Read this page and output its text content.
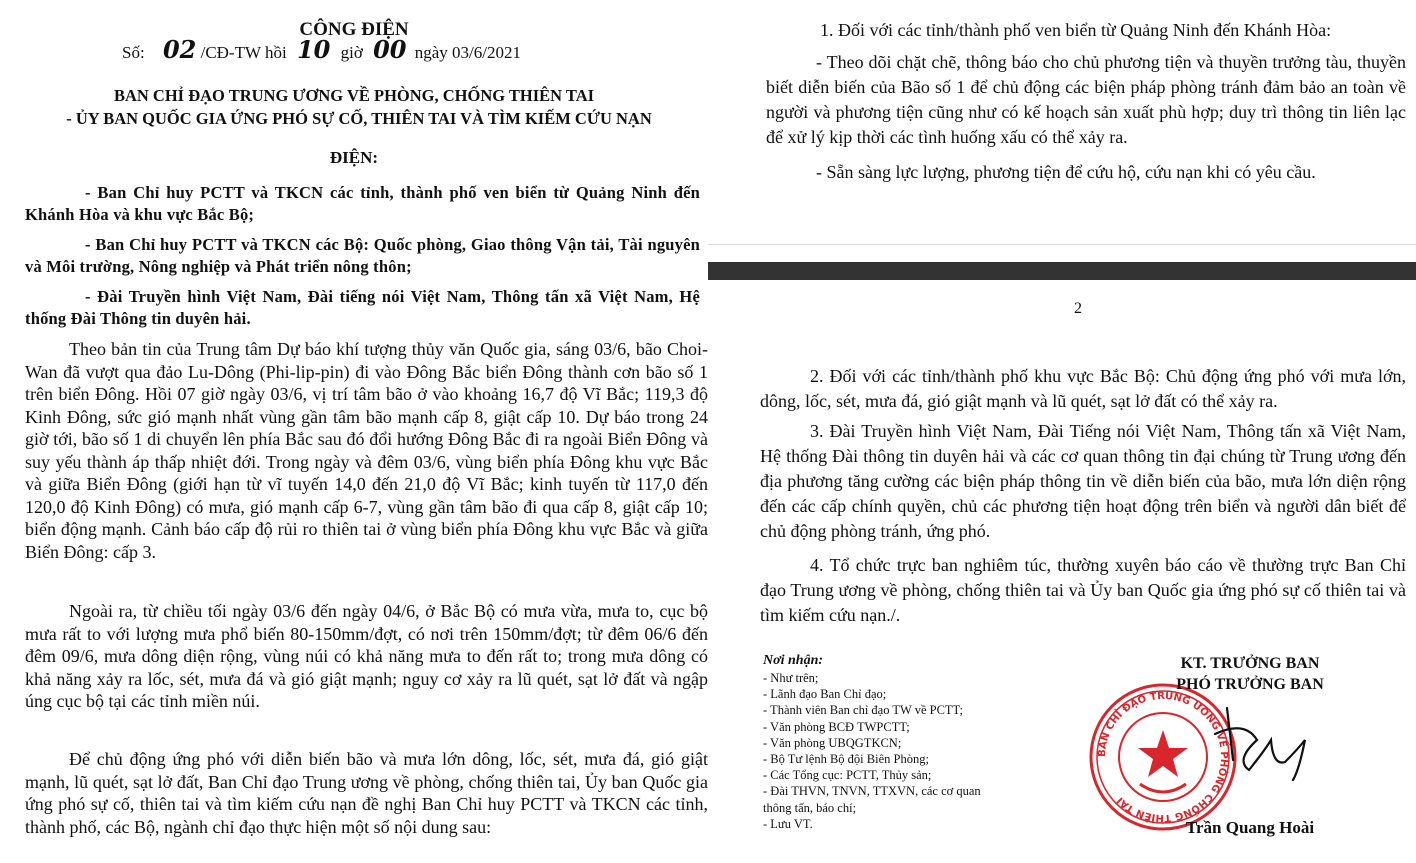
CÔNG ĐIỆN
Số: 02 /CĐ-TW hồi 10 giờ 00 ngày 03/6/2021
BAN CHỈ ĐẠO TRUNG ƯƠNG VỀ PHÒNG, CHỐNG THIÊN TAI
- ỦY BAN QUỐC GIA ỨNG PHÓ SỰ CỐ, THIÊN TAI VÀ TÌM KIẾM CỨU NẠN
ĐIỆN:
- Ban Chỉ huy PCTT và TKCN các tỉnh, thành phố ven biển từ Quảng Ninh đến Khánh Hòa và khu vực Bắc Bộ;
- Ban Chỉ huy PCTT và TKCN các Bộ: Quốc phòng, Giao thông Vận tải, Tài nguyên và Môi trường, Nông nghiệp và Phát triển nông thôn;
- Đài Truyền hình Việt Nam, Đài tiếng nói Việt Nam, Thông tấn xã Việt Nam, Hệ thống Đài Thông tin duyên hải.
Theo bản tin của Trung tâm Dự báo khí tượng thủy văn Quốc gia, sáng 03/6, bão Choi-Wan đã vượt qua đảo Lu-Dông (Phi-lip-pin) đi vào Đông Bắc biển Đông thành cơn bão số 1 trên biển Đông. Hồi 07 giờ ngày 03/6, vị trí tâm bão ở vào khoảng 16,7 độ Vĩ Bắc; 119,3 độ Kinh Đông, sức gió mạnh nhất vùng gần tâm bão mạnh cấp 8, giật cấp 10. Dự báo trong 24 giờ tới, bão số 1 di chuyển lên phía Bắc sau đó đổi hướng Đông Bắc đi ra ngoài Biển Đông và suy yếu thành áp thấp nhiệt đới. Trong ngày và đêm 03/6, vùng biển phía Đông khu vực Bắc và giữa Biển Đông (giới hạn từ vĩ tuyến 14,0 đến 21,0 độ Vĩ Bắc; kinh tuyến từ 117,0 đến 120,0 độ Kinh Đông) có mưa, gió mạnh cấp 6-7, vùng gần tâm bão đi qua cấp 8, giật cấp 10; biển động mạnh. Cảnh báo cấp độ rủi ro thiên tai ở vùng biển phía Đông khu vực Bắc và giữa Biển Đông: cấp 3.
Ngoài ra, từ chiều tối ngày 03/6 đến ngày 04/6, ở Bắc Bộ có mưa vừa, mưa to, cục bộ mưa rất to với lượng mưa phổ biến 80-150mm/đợt, có nơi trên 150mm/đợt; từ đêm 06/6 đến đêm 09/6, mưa dông diện rộng, vùng núi có khả năng mưa to đến rất to; trong mưa dông có khả năng xảy ra lốc, sét, mưa đá và gió giật mạnh; nguy cơ xảy ra lũ quét, sạt lở đất và ngập úng cục bộ tại các tỉnh miền núi.
Để chủ động ứng phó với diễn biến bão và mưa lớn dông, lốc, sét, mưa đá, gió giật mạnh, lũ quét, sạt lở đất, Ban Chỉ đạo Trung ương về phòng, chống thiên tai, Ủy ban Quốc gia ứng phó sự cố, thiên tai và tìm kiếm cứu nạn đề nghị Ban Chỉ huy PCTT và TKCN các tỉnh, thành phố, các Bộ, ngành chỉ đạo thực hiện một số nội dung sau:
1. Đối với các tỉnh/thành phố ven biển từ Quảng Ninh đến Khánh Hòa:
- Theo dõi chặt chẽ, thông báo cho chủ phương tiện và thuyền trưởng tàu, thuyền biết diễn biến của Bão số 1 để chủ động các biện pháp phòng tránh đảm bảo an toàn về người và phương tiện cũng như có kế hoạch sản xuất phù hợp; duy trì thông tin liên lạc để xử lý kịp thời các tình huống xấu có thể xảy ra.
- Sẵn sàng lực lượng, phương tiện để cứu hộ, cứu nạn khi có yêu cầu.
2
2. Đối với các tỉnh/thành phố khu vực Bắc Bộ: Chủ động ứng phó với mưa lớn, dông, lốc, sét, mưa đá, gió giật mạnh và lũ quét, sạt lở đất có thể xảy ra.
3. Đài Truyền hình Việt Nam, Đài Tiếng nói Việt Nam, Thông tấn xã Việt Nam, Hệ thống Đài thông tin duyên hải và các cơ quan thông tin đại chúng từ Trung ương đến địa phương tăng cường các biện pháp thông tin về diễn biến của bão, mưa lớn diện rộng đến các cấp chính quyền, chủ các phương tiện hoạt động trên biển và người dân biết để chủ động phòng tránh, ứng phó.
4. Tổ chức trực ban nghiêm túc, thường xuyên báo cáo về thường trực Ban Chỉ đạo Trung ương về phòng, chống thiên tai và Ủy ban Quốc gia ứng phó sự cố thiên tai và tìm kiếm cứu nạn./.
Nơi nhận:
- Như trên;
- Lãnh đạo Ban Chỉ đạo;
- Thành viên Ban chỉ đạo TW về PCTT;
- Văn phòng BCĐ TWPCTT;
- Văn phòng UBQGTKCN;
- Bộ Tư lệnh Bộ đội Biên Phòng;
- Các Tổng cục: PCTT, Thủy sản;
- Đài THVN, TNVN, TTXVN, các cơ quan
thông tấn, báo chí;
- Lưu VT.
BAN CHỈ ĐẠO TRUNG ƯƠNG VỀ PHÒNG CHỐNG THIÊN TAI
KT. TRƯỞNG BAN
PHÓ TRƯỞNG BAN
Trần Quang Hoài
